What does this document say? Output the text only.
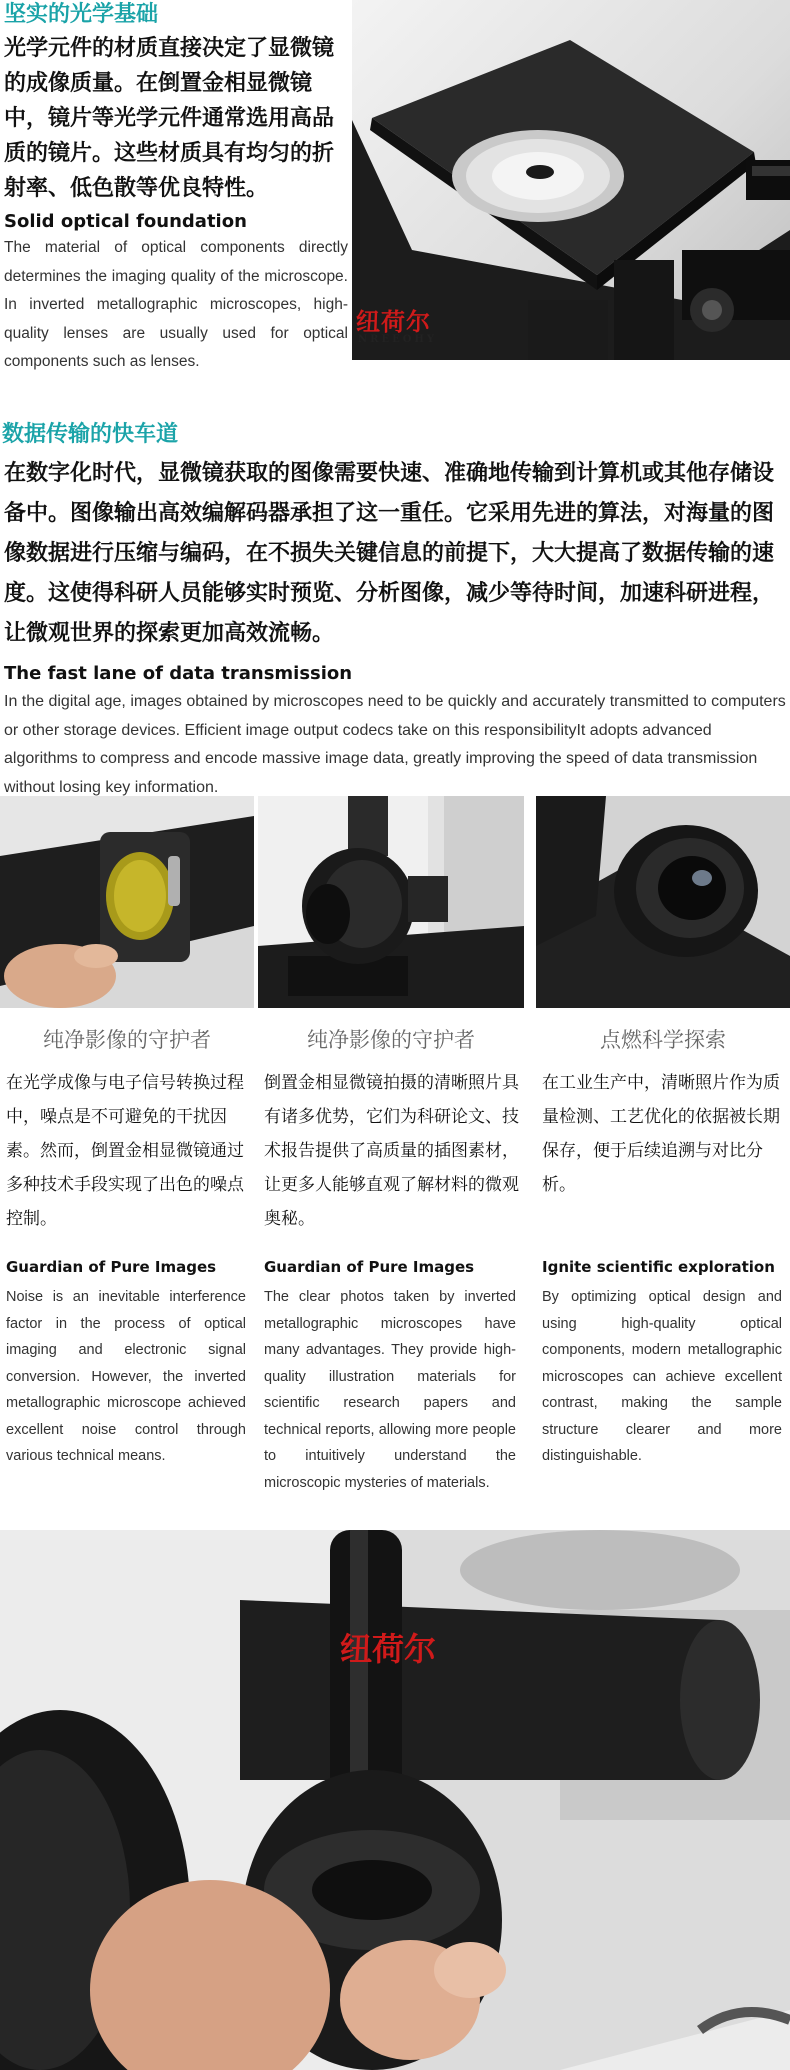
坚实的光学基础
光学元件的材质直接决定了显微镜
的成像质量。在倒置金相显微镜
中，镜片等光学元件通常选用高品
质的镜片。这些材质具有均匀的折
射率、低色散等优良特性。
Solid optical foundation
The material of optical components directly determines the imaging quality of the microscope. In inverted metallographic microscopes, high-quality lenses are usually used for optical components such as lenses.
纽荷尔
NREEOHY
数据传输的快车道
在数字化时代，显微镜获取的图像需要快速、准确地传输到计算机或其他存储设备中。图像输出高效编解码器承担了这一重任。它采用先进的算法，对海量的图像数据进行压缩与编码，在不损失关键信息的前提下，大大提高了数据传输的速度。这使得科研人员能够实时预览、分析图像，减少等待时间，加速科研进程，让微观世界的探索更加高效流畅。
The fast lane of data transmission
In the digital age, images obtained by microscopes need to be quickly and accurately transmitted to computers or other storage devices. Efficient image output codecs take on this responsibilityIt adopts advanced algorithms to compress and encode massive image data, greatly improving the speed of data transmission without losing key information.
纯净影像的守护者
在光学成像与电子信号转换过程中，噪点是不可避免的干扰因素。然而，倒置金相显微镜通过多种技术手段实现了出色的噪点控制。
Guardian of Pure Images
Noise is an inevitable interference factor in the process of optical imaging and electronic signal conversion. However, the inverted metallographic microscope achieved excellent noise control through various technical means.
纯净影像的守护者
倒置金相显微镜拍摄的清晰照片具有诸多优势，它们为科研论文、技术报告提供了高质量的插图素材，让更多人能够直观了解材料的微观奥秘。
Guardian of Pure Images
The clear photos taken by inverted metallographic microscopes have many advantages. They provide high-quality illustration materials for scientific research papers and technical reports, allowing more people to intuitively understand the microscopic mysteries of materials.
点燃科学探索
在工业生产中，清晰照片作为质量检测、工艺优化的依据被长期保存，便于后续追溯与对比分析。
Ignite scientific exploration
By optimizing optical design and using high-quality optical components, modern metallographic microscopes can achieve excellent contrast, making the sample structure clearer and more distinguishable.
纽荷尔
